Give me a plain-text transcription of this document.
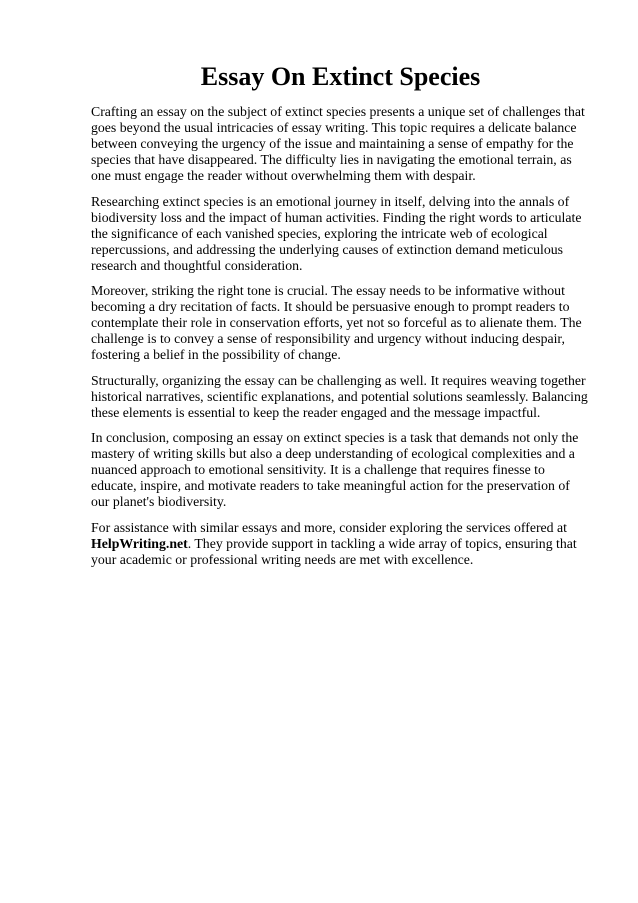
Essay On Extinct Species

Crafting an essay on the subject of extinct species presents a unique set of challenges that goes beyond the usual intricacies of essay writing. This topic requires a delicate balance between conveying the urgency of the issue and maintaining a sense of empathy for the species that have disappeared. The difficulty lies in navigating the emotional terrain, as one must engage the reader without overwhelming them with despair.

Researching extinct species is an emotional journey in itself, delving into the annals of biodiversity loss and the impact of human activities. Finding the right words to articulate the significance of each vanished species, exploring the intricate web of ecological repercussions, and addressing the underlying causes of extinction demand meticulous research and thoughtful consideration.

Moreover, striking the right tone is crucial. The essay needs to be informative without becoming a dry recitation of facts. It should be persuasive enough to prompt readers to contemplate their role in conservation efforts, yet not so forceful as to alienate them. The challenge is to convey a sense of responsibility and urgency without inducing despair, fostering a belief in the possibility of change.

Structurally, organizing the essay can be challenging as well. It requires weaving together historical narratives, scientific explanations, and potential solutions seamlessly. Balancing these elements is essential to keep the reader engaged and the message impactful.

In conclusion, composing an essay on extinct species is a task that demands not only the mastery of writing skills but also a deep understanding of ecological complexities and a nuanced approach to emotional sensitivity. It is a challenge that requires finesse to educate, inspire, and motivate readers to take meaningful action for the preservation of our planet's biodiversity.

For assistance with similar essays and more, consider exploring the services offered at HelpWriting.net. They provide support in tackling a wide array of topics, ensuring that your academic or professional writing needs are met with excellence.
